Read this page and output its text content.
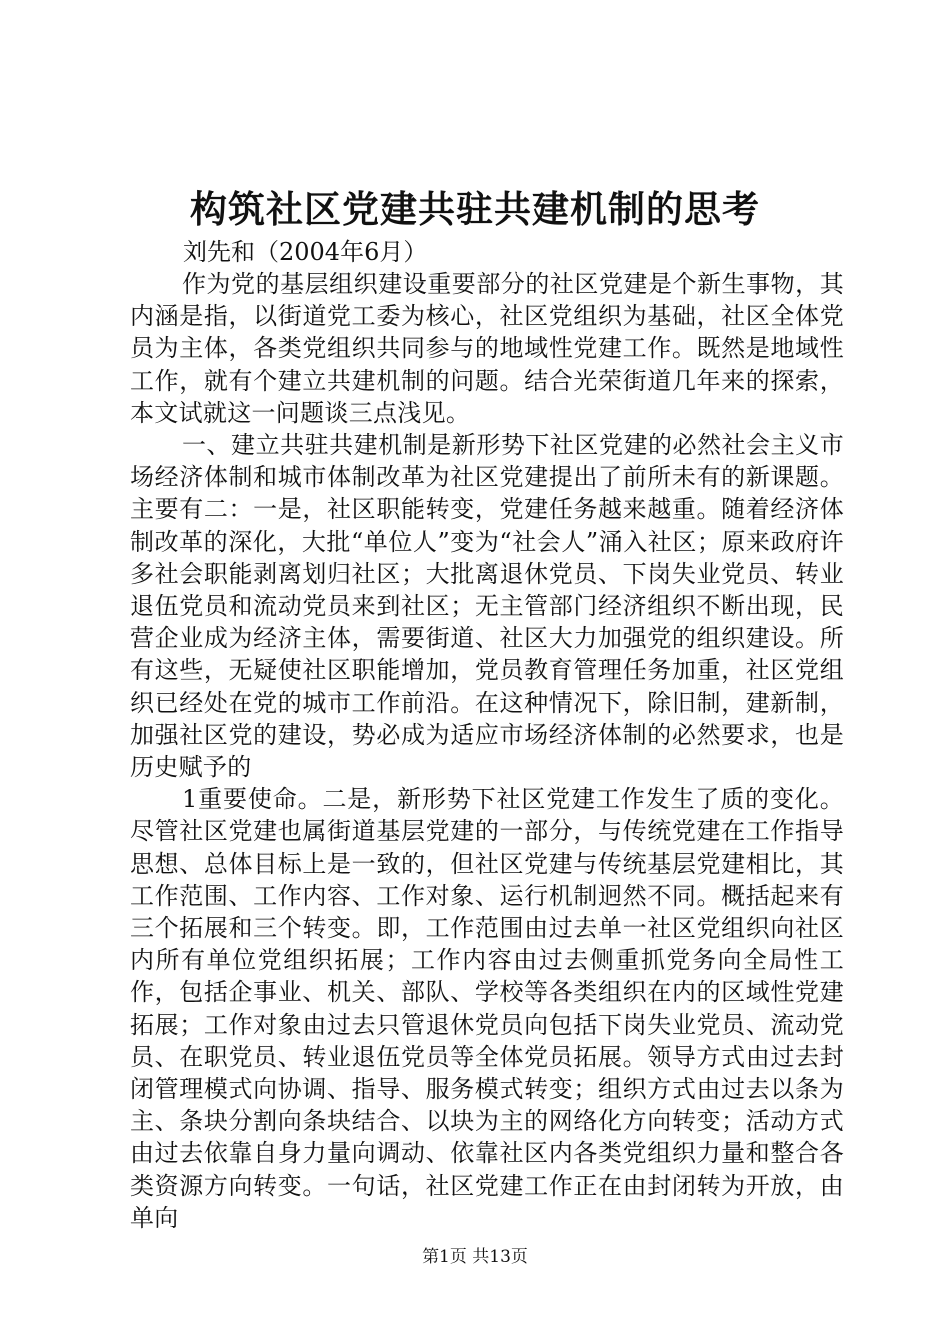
构筑社区党建共驻共建机制的思考
刘先和（2004年6月）

作为党的基层组织建设重要部分的社区党建是个新生事物，其内涵是指，以街道党工委为核心，社区党组织为基础，社区全体党员为主体，各类党组织共同参与的地域性党建工作。既然是地域性工作，就有个建立共建机制的问题。结合光荣街道几年来的探索，本文试就这一问题谈三点浅见。

一、建立共驻共建机制是新形势下社区党建的必然社会主义市场经济体制和城市体制改革为社区党建提出了前所未有的新课题。主要有二：一是，社区职能转变，党建任务越来越重。随着经济体制改革的深化，大批“单位人”变为“社会人”涌入社区；原来政府许多社会职能剥离划归社区；大批离退休党员、下岗失业党员、转业退伍党员和流动党员来到社区；无主管部门经济组织不断出现，民营企业成为经济主体，需要街道、社区大力加强党的组织建设。所有这些，无疑使社区职能增加，党员教育管理任务加重，社区党组织已经处在党的城市工作前沿。在这种情况下，除旧制，建新制，加强社区党的建设，势必成为适应市场经济体制的必然要求，也是历史赋予的

1重要使命。二是，新形势下社区党建工作发生了质的变化。尽管社区党建也属街道基层党建的一部分，与传统党建在工作指导思想、总体目标上是一致的，但社区党建与传统基层党建相比，其工作范围、工作内容、工作对象、运行机制迥然不同。概括起来有三个拓展和三个转变。即，工作范围由过去单一社区党组织向社区内所有单位党组织拓展；工作内容由过去侧重抓党务向全局性工作，包括企事业、机关、部队、学校等各类组织在内的区域性党建拓展；工作对象由过去只管退休党员向包括下岗失业党员、流动党员、在职党员、转业退伍党员等全体党员拓展。领导方式由过去封闭管理模式向协调、指导、服务模式转变；组织方式由过去以条为主、条块分割向条块结合、以块为主的网络化方向转变；活动方式由过去依靠自身力量向调动、依靠社区内各类党组织力量和整合各类资源方向转变。一句话，社区党建工作正在由封闭转为开放，由单向

第1页 共13页
